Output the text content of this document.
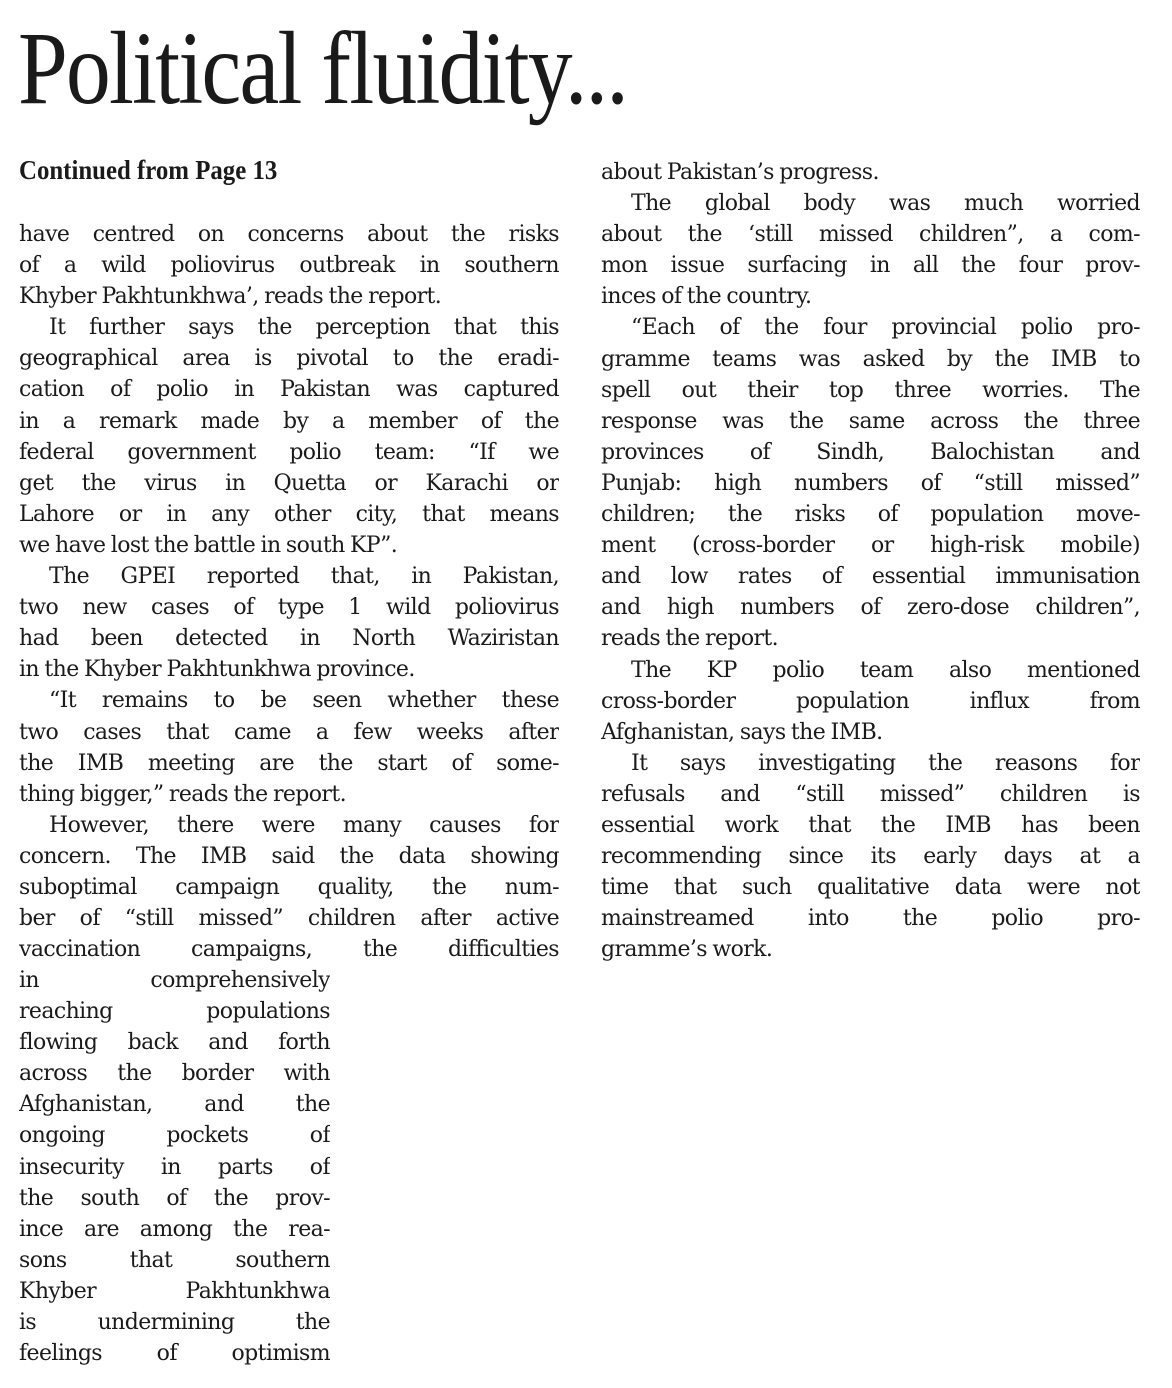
Political fluidity...
Continued from Page 13
have centred on concerns about the risks
of a wild poliovirus outbreak in southern
Khyber Pakhtunkhwa’, reads the report.
It further says the perception that this
geographical area is pivotal to the eradi-
cation of polio in Pakistan was captured
in a remark made by a member of the
federal government polio team: “If we
get the virus in Quetta or Karachi or
Lahore or in any other city, that means
we have lost the battle in south KP”.
The GPEI reported that, in Pakistan,
two new cases of type 1 wild poliovirus
had been detected in North Waziristan
in the Khyber Pakhtunkhwa province.
“It remains to be seen whether these
two cases that came a few weeks after
the IMB meeting are the start of some-
thing bigger,” reads the report.
However, there were many causes for
concern. The IMB said the data showing
suboptimal campaign quality, the num-
ber of “still missed” children after active
vaccination campaigns, the difficulties
in comprehensively
reaching populations
flowing back and forth
across the border with
Afghanistan, and the
ongoing pockets of
insecurity in parts of
the south of the prov-
ince are among the rea-
sons that southern
Khyber Pakhtunkhwa
is undermining the
feelings of optimism
about Pakistan’s progress.
The global body was much worried
about the ‘still missed children”, a com-
mon issue surfacing in all the four prov-
inces of the country.
“Each of the four provincial polio pro-
gramme teams was asked by the IMB to
spell out their top three worries. The
response was the same across the three
provinces of Sindh, Balochistan and
Punjab: high numbers of “still missed”
children; the risks of population move-
ment (cross-border or high-risk mobile)
and low rates of essential immunisation
and high numbers of zero-dose children”,
reads the report.
The KP polio team also mentioned
cross-border population influx from
Afghanistan, says the IMB.
It says investigating the reasons for
refusals and “still missed” children is
essential work that the IMB has been
recommending since its early days at a
time that such qualitative data were not
mainstreamed into the polio pro-
gramme’s work.
